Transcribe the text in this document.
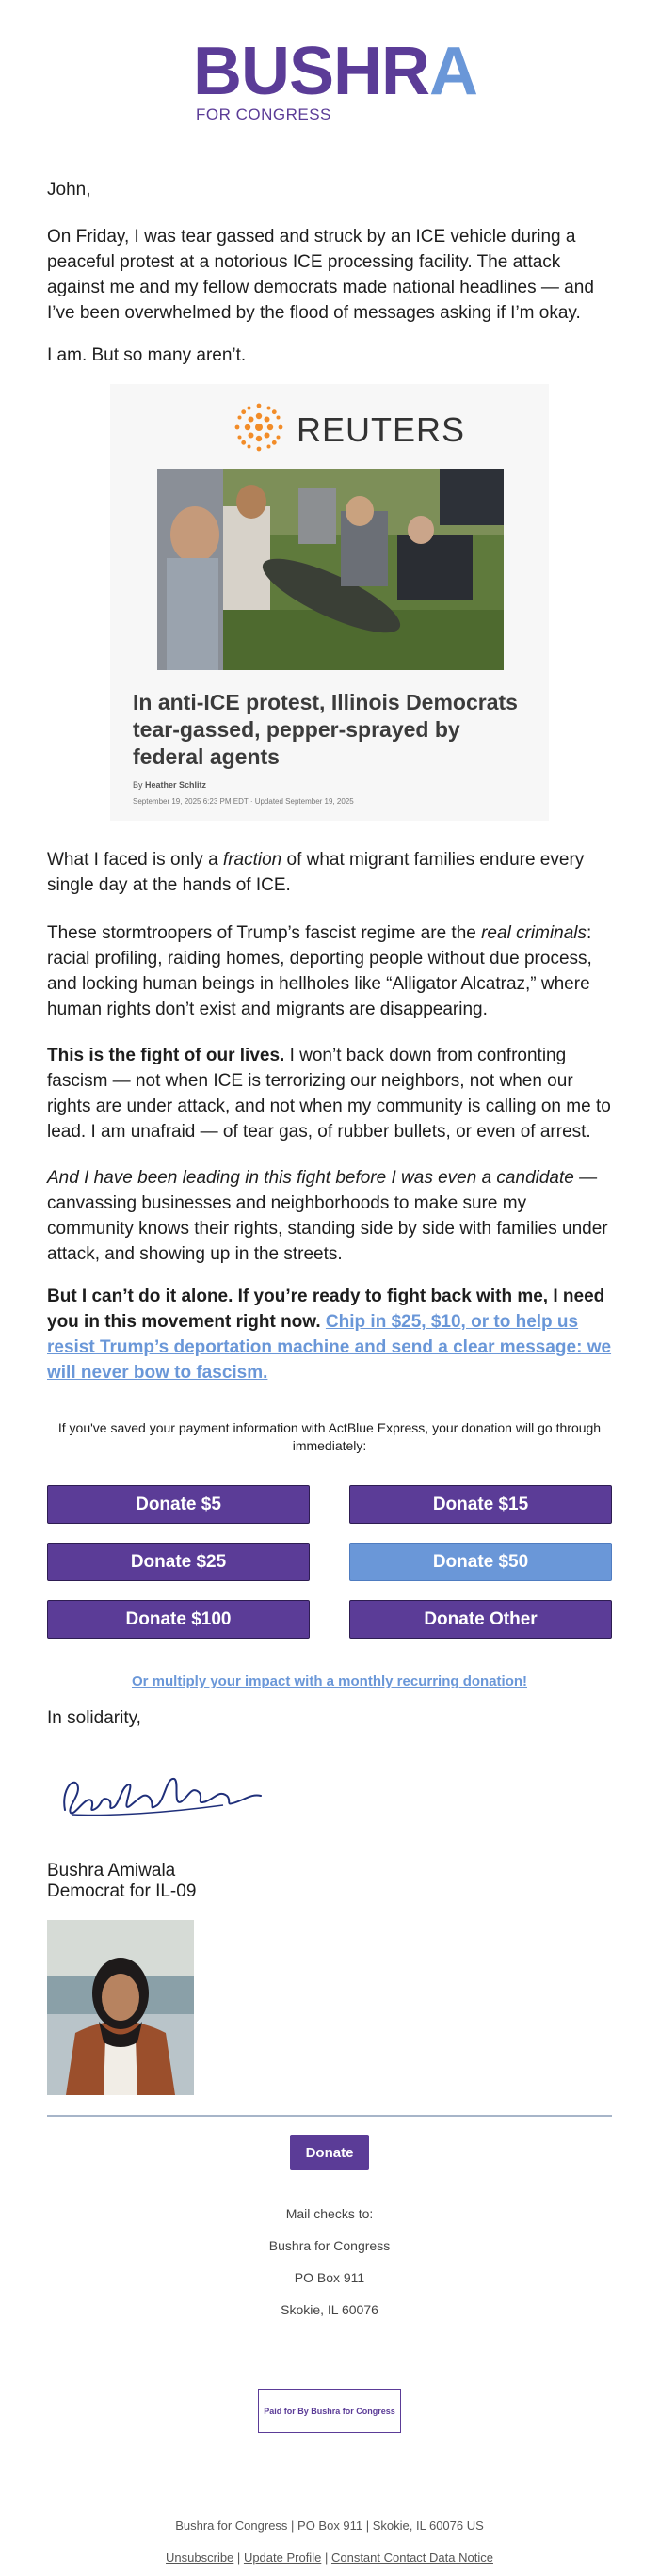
BUSHRA
FOR CONGRESS
John,
On Friday, I was tear gassed and struck by an ICE vehicle during a peaceful protest at a notorious ICE processing facility. The attack against me and my fellow democrats made national headlines — and I’ve been overwhelmed by the flood of messages asking if I’m okay.
I am. But so many aren’t.
REUTERS
In anti-ICE protest, Illinois Democrats tear-gassed, pepper-sprayed by federal agents
By Heather Schlitz
September 19, 2025 6:23 PM EDT · Updated September 19, 2025
What I faced is only a fraction of what migrant families endure every single day at the hands of ICE.
These stormtroopers of Trump’s fascist regime are the real criminals: racial profiling, raiding homes, deporting people without due process, and locking human beings in hellholes like “Alligator Alcatraz,” where human rights don’t exist and migrants are disappearing.
This is the fight of our lives. I won’t back down from confronting fascism — not when ICE is terrorizing our neighbors, not when our rights are under attack, and not when my community is calling on me to lead. I am unafraid — of tear gas, of rubber bullets, or even of arrest.
And I have been leading in this fight before I was even a candidate — canvassing businesses and neighborhoods to make sure my community knows their rights, standing side by side with families under attack, and showing up in the streets.
But I can’t do it alone. If you’re ready to fight back with me, I need you in this movement right now. Chip in $25, $10, or to help us resist Trump’s deportation machine and send a clear message: we will never bow to fascism.
If you've saved your payment information with ActBlue Express, your donation will go through immediately:
Donate $5	Donate $15
Donate $25	Donate $50
Donate $100	Donate Other
Or multiply your impact with a monthly recurring donation!
In solidarity,
Bushra Amiwala
Democrat for IL-09
Donate
Mail checks to:
Bushra for Congress
PO Box 911
Skokie, IL 60076
Paid for By Bushra for Congress
Bushra for Congress | PO Box 911 | Skokie, IL 60076 US
Unsubscribe | Update Profile | Constant Contact Data Notice
